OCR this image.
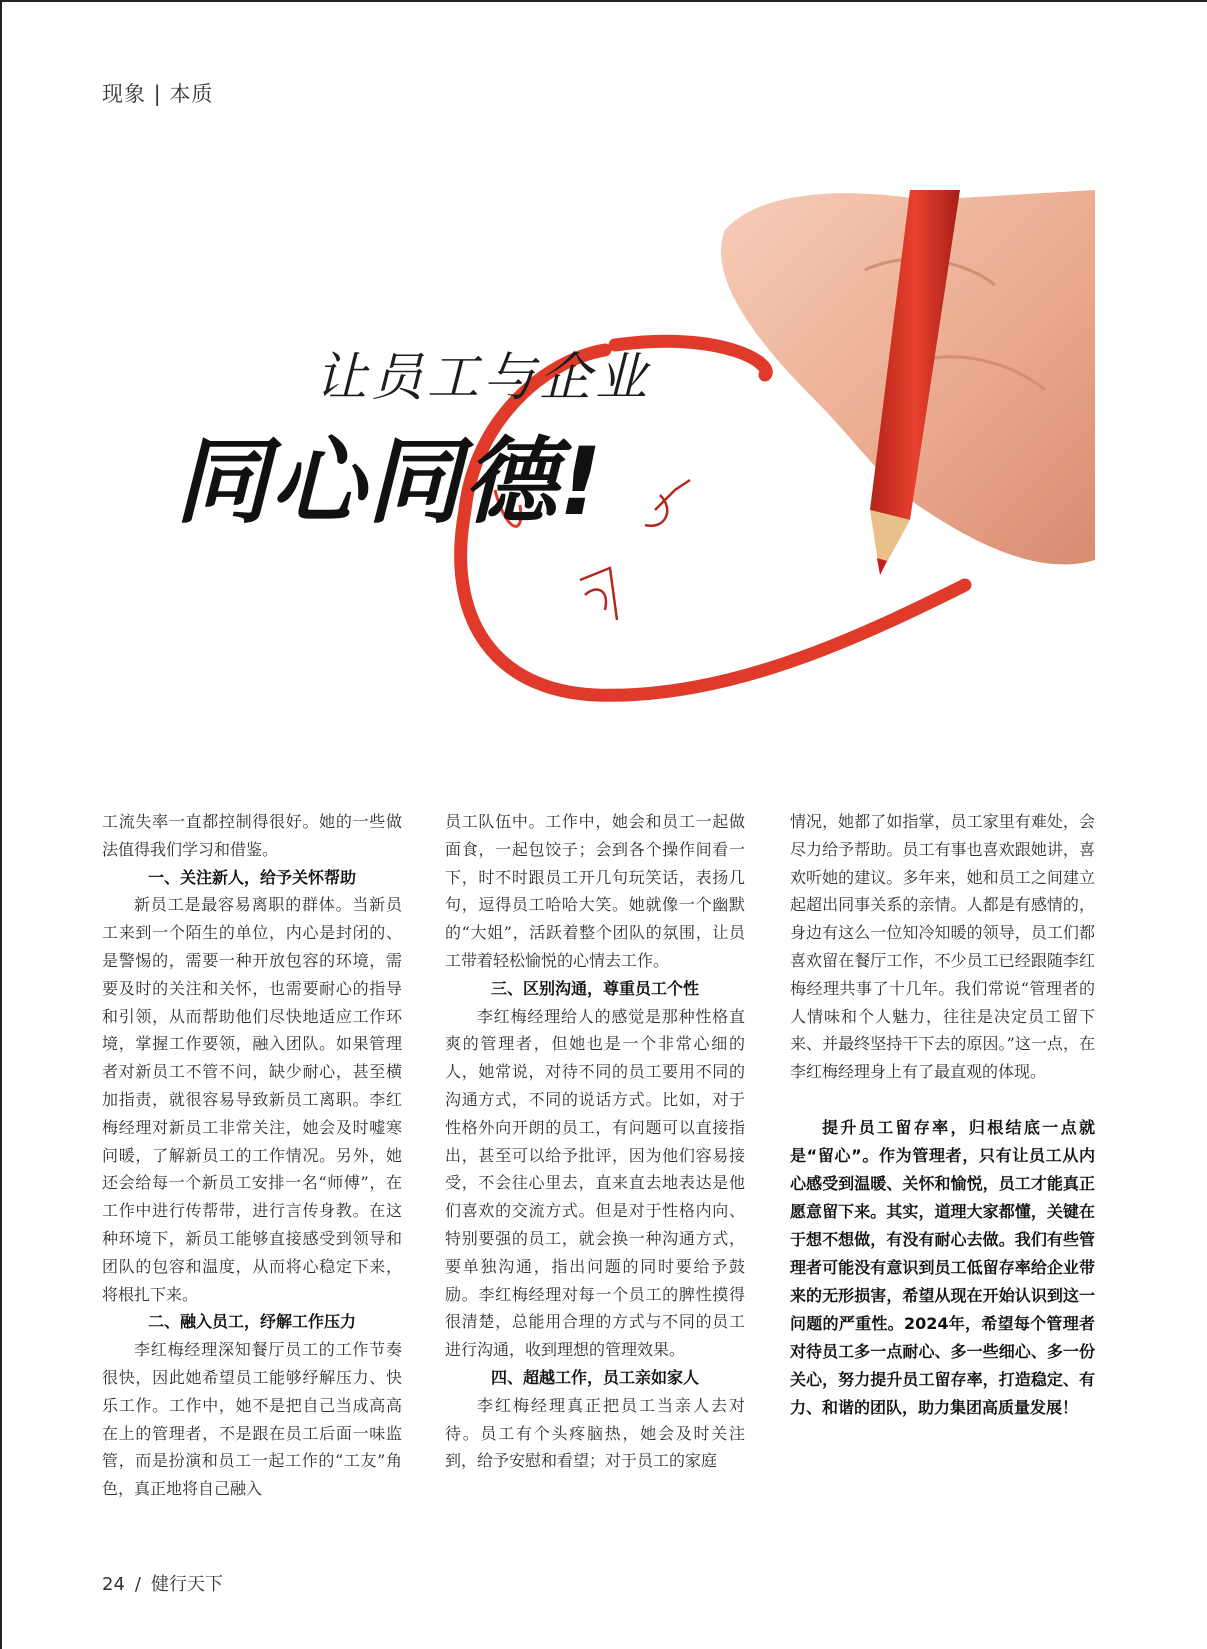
现象 | 本质
让员工与企业
同心同德!

工流失率一直都控制得很好。她的一些做法值得我们学习和借鉴。

一、关注新人，给予关怀帮助

新员工是最容易离职的群体。当新员工来到一个陌生的单位，内心是封闭的、是警惕的，需要一种开放包容的环境，需要及时的关注和关怀，也需要耐心的指导和引领，从而帮助他们尽快地适应工作环境，掌握工作要领，融入团队。如果管理者对新员工不管不问，缺少耐心，甚至横加指责，就很容易导致新员工离职。李红梅经理对新员工非常关注，她会及时嘘寒问暖，了解新员工的工作情况。另外，她还会给每一个新员工安排一名“师傅”，在工作中进行传帮带，进行言传身教。在这种环境下，新员工能够直接感受到领导和团队的包容和温度，从而将心稳定下来，将根扎下来。

二、融入员工，纾解工作压力

李红梅经理深知餐厅员工的工作节奏很快，因此她希望员工能够纾解压力、快乐工作。工作中，她不是把自己当成高高在上的管理者，不是跟在员工后面一味监管，而是扮演和员工一起工作的“工友”角色，真正地将自己融入

员工队伍中。工作中，她会和员工一起做面食，一起包饺子；会到各个操作间看一下，时不时跟员工开几句玩笑话，表扬几句，逗得员工哈哈大笑。她就像一个幽默的“大姐”，活跃着整个团队的氛围，让员工带着轻松愉悦的心情去工作。

三、区别沟通，尊重员工个性

李红梅经理给人的感觉是那种性格直爽的管理者，但她也是一个非常心细的人，她常说，对待不同的员工要用不同的沟通方式，不同的说话方式。比如，对于性格外向开朗的员工，有问题可以直接指出，甚至可以给予批评，因为他们容易接受，不会往心里去，直来直去地表达是他们喜欢的交流方式。但是对于性格内向、特别要强的员工，就会换一种沟通方式，要单独沟通，指出问题的同时要给予鼓励。李红梅经理对每一个员工的脾性摸得很清楚，总能用合理的方式与不同的员工进行沟通，收到理想的管理效果。

四、超越工作，员工亲如家人

李红梅经理真正把员工当亲人去对待。员工有个头疼脑热，她会及时关注到，给予安慰和看望；对于员工的家庭

情况，她都了如指掌，员工家里有难处，会尽力给予帮助。员工有事也喜欢跟她讲，喜欢听她的建议。多年来，她和员工之间建立起超出同事关系的亲情。人都是有感情的，身边有这么一位知冷知暖的领导，员工们都喜欢留在餐厅工作，不少员工已经跟随李红梅经理共事了十几年。我们常说“管理者的人情味和个人魅力，往往是决定员工留下来、并最终坚持干下去的原因。”这一点，在李红梅经理身上有了最直观的体现。

提升员工留存率，归根结底一点就是“留心”。作为管理者，只有让员工从内心感受到温暖、关怀和愉悦，员工才能真正愿意留下来。其实，道理大家都懂，关键在于想不想做，有没有耐心去做。我们有些管理者可能没有意识到员工低留存率给企业带来的无形损害，希望从现在开始认识到这一问题的严重性。2024年，希望每个管理者对待员工多一点耐心、多一些细心、多一份关心，努力提升员工留存率，打造稳定、有力、和谐的团队，助力集团高质量发展！

24 / 健行天下
